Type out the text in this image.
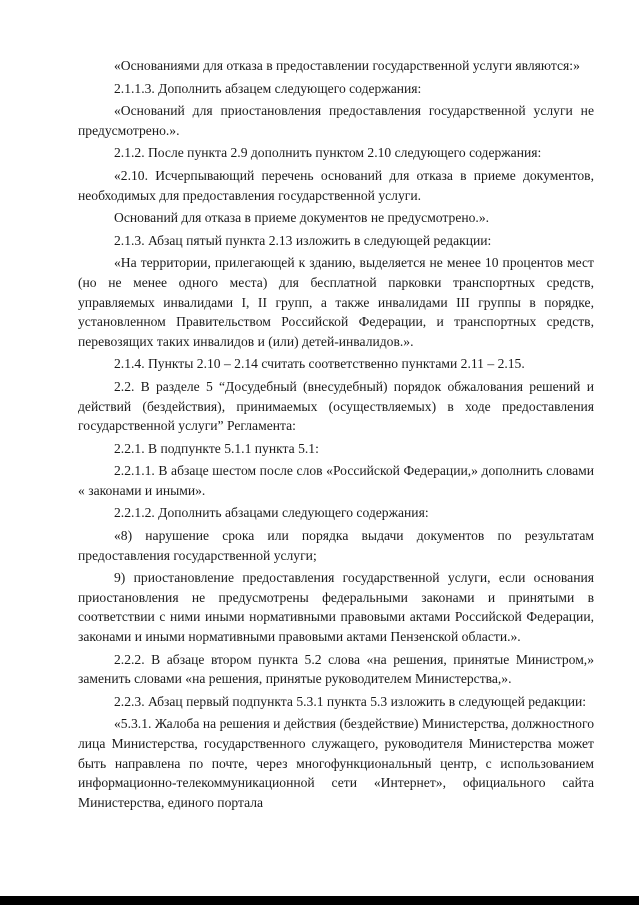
«Основаниями для отказа в предоставлении государственной услуги являются:»

2.1.1.3. Дополнить абзацем следующего содержания:

«Оснований для приостановления предоставления государственной услуги не предусмотрено.».

2.1.2. После пункта 2.9 дополнить пунктом 2.10 следующего содержания:

«2.10. Исчерпывающий перечень оснований для отказа в приеме документов, необходимых для предоставления государственной услуги.

Оснований для отказа в приеме документов не предусмотрено.».

2.1.3. Абзац пятый пункта 2.13 изложить в следующей редакции:

«На территории, прилегающей к зданию, выделяется не менее 10 процентов мест (но не менее одного места) для бесплатной парковки транспортных средств, управляемых инвалидами I, II групп, а также инвалидами III группы в порядке, установленном Правительством Российской Федерации, и транспортных средств, перевозящих таких инвалидов и (или) детей-инвалидов.».

2.1.4. Пункты 2.10 – 2.14 считать соответственно пунктами 2.11 – 2.15.

2.2. В разделе 5 “Досудебный (внесудебный) порядок обжалования решений и действий (бездействия), принимаемых (осуществляемых) в ходе предоставления государственной услуги” Регламента:

2.2.1. В подпункте 5.1.1 пункта 5.1:

2.2.1.1. В абзаце шестом после слов «Российской Федерации,» дополнить словами « законами и иными».

2.2.1.2. Дополнить абзацами следующего содержания:

«8) нарушение срока или порядка выдачи документов по результатам предоставления государственной услуги;

9) приостановление предоставления государственной услуги, если основания приостановления не предусмотрены федеральными законами и принятыми в соответствии с ними иными нормативными правовыми актами Российской Федерации, законами и иными нормативными правовыми актами Пензенской области.».

2.2.2. В абзаце втором пункта 5.2 слова «на решения, принятые Министром,» заменить словами «на решения, принятые руководителем Министерства,».

2.2.3. Абзац первый подпункта 5.3.1 пункта 5.3 изложить в следующей редакции:

«5.3.1. Жалоба на решения и действия (бездействие) Министерства, должностного лица Министерства, государственного служащего, руководителя Министерства может быть направлена по почте, через многофункциональный центр, с использованием информационно-телекоммуникационной сети «Интернет», официального сайта Министерства, единого портала
